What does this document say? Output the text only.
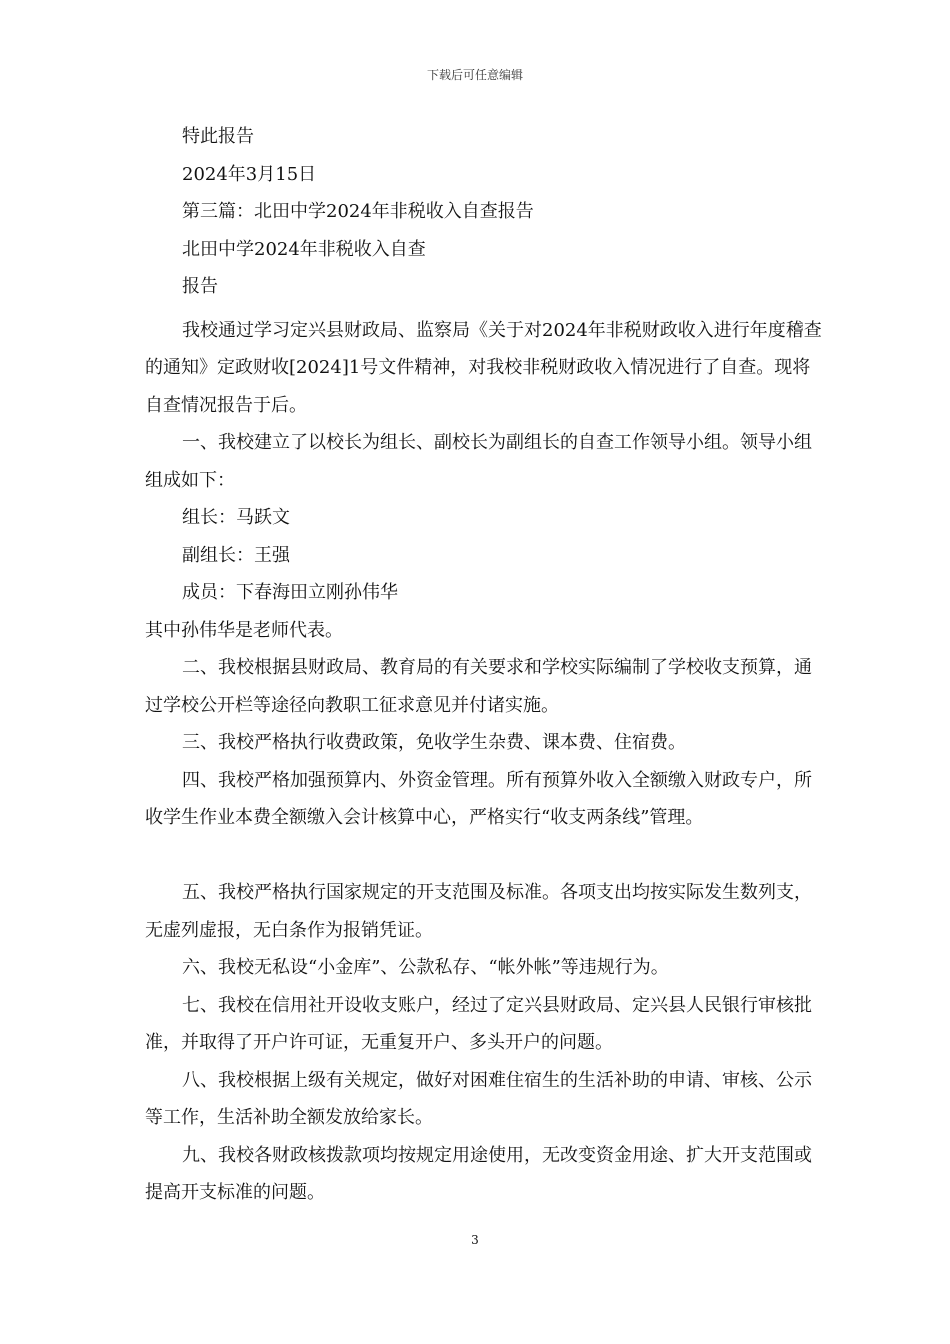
下载后可任意编辑
特此报告
2024年3月15日
第三篇：北田中学2024年非税收入自查报告
北田中学2024年非税收入自查
报告

我校通过学习定兴县财政局、监察局《关于对2024年非税财政收入进行年度稽查的通知》定政财收[2024]1号文件精神，对我校非税财政收入情况进行了自查。现将自查情况报告于后。

一、我校建立了以校长为组长、副校长为副组长的自查工作领导小组。领导小组组成如下：

组长：马跃文

副组长：王强

成员：下春海田立刚孙伟华

其中孙伟华是老师代表。

二、我校根据县财政局、教育局的有关要求和学校实际编制了学校收支预算，通过学校公开栏等途径向教职工征求意见并付诸实施。

三、我校严格执行收费政策，免收学生杂费、课本费、住宿费。

四、我校严格加强预算内、外资金管理。所有预算外收入全额缴入财政专户，所收学生作业本费全额缴入会计核算中心，严格实行“收支两条线”管理。

五、我校严格执行国家规定的开支范围及标准。各项支出均按实际发生数列支，无虚列虚报，无白条作为报销凭证。

六、我校无私设“小金库”、公款私存、“帐外帐”等违规行为。

七、我校在信用社开设收支账户，经过了定兴县财政局、定兴县人民银行审核批准，并取得了开户许可证，无重复开户、多头开户的问题。

八、我校根据上级有关规定，做好对困难住宿生的生活补助的申请、审核、公示等工作，生活补助全额发放给家长。

九、我校各财政核拨款项均按规定用途使用，无改变资金用途、扩大开支范围或提高开支标准的问题。

3
